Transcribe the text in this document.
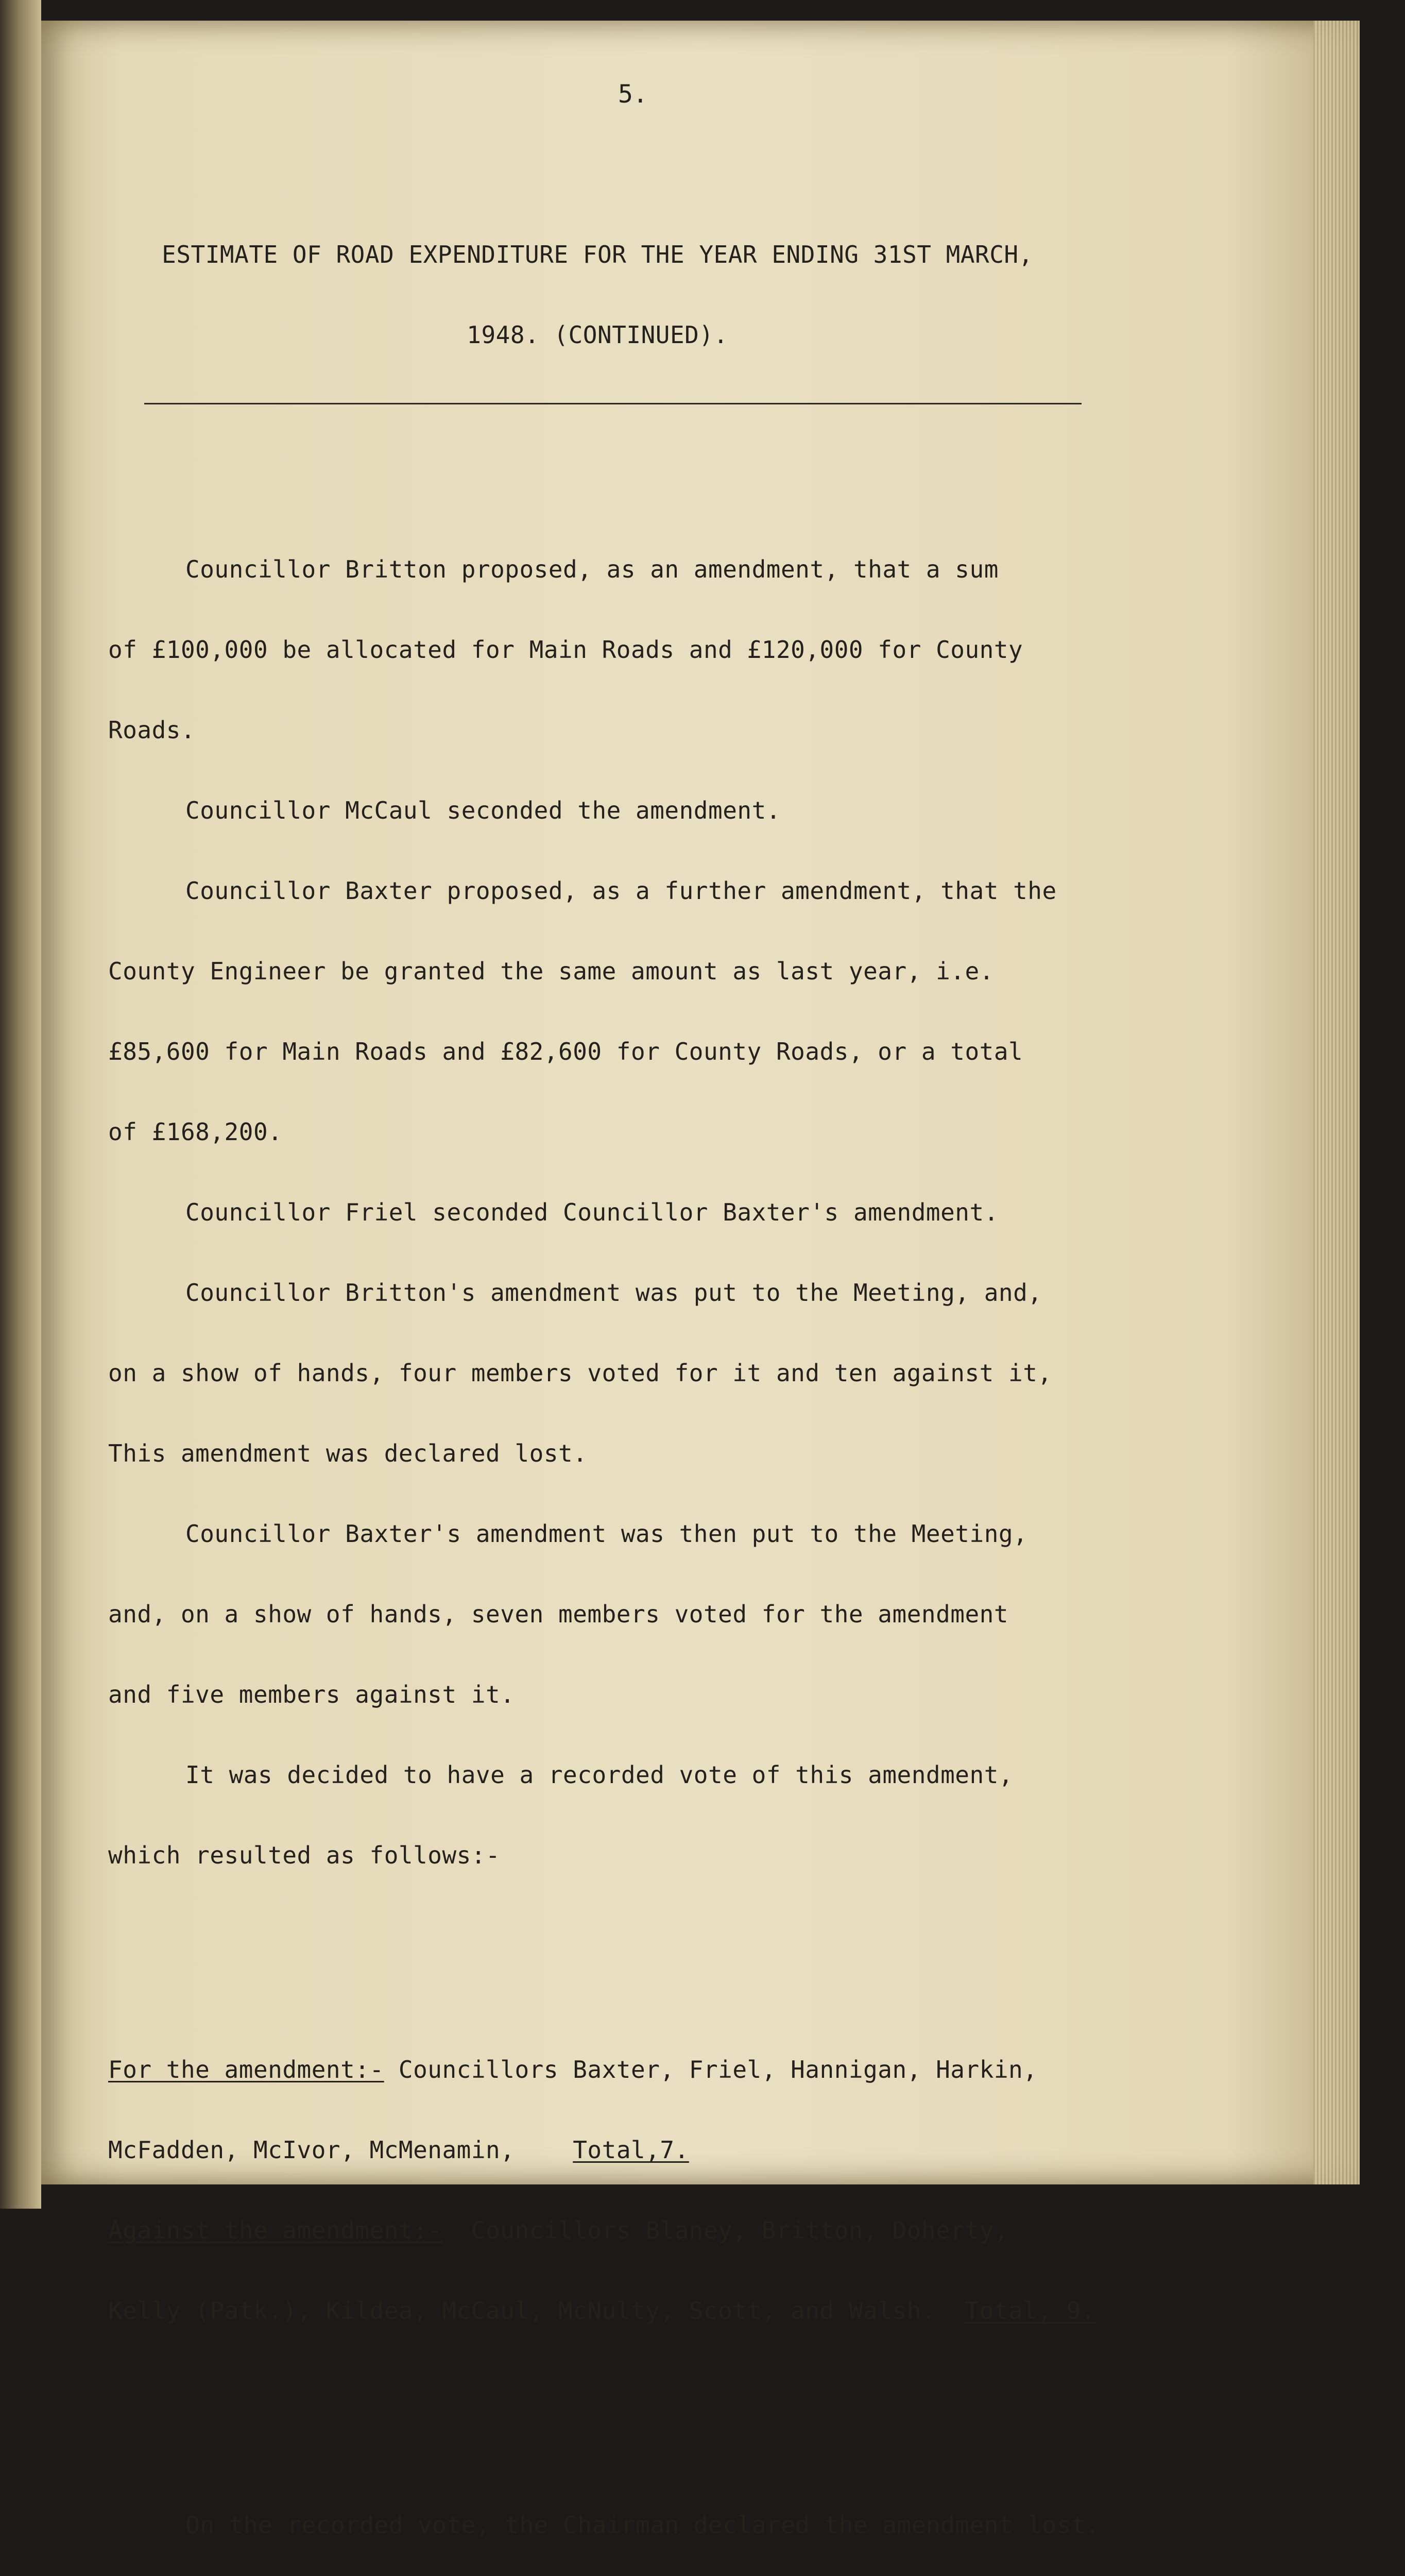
5.

ESTIMATE OF ROAD EXPENDITURE FOR THE YEAR ENDING 31ST MARCH,

1948. (CONTINUED).

Councillor Britton proposed, as an amendment, that a sum

of £100,000 be allocated for Main Roads and £120,000 for County

Roads.

Councillor McCaul seconded the amendment.

Councillor Baxter proposed, as a further amendment, that the

County Engineer be granted the same amount as last year, i.e.

£85,600 for Main Roads and £82,600 for County Roads, or a total

of £168,200.

Councillor Friel seconded Councillor Baxter's amendment.

Councillor Britton's amendment was put to the Meeting, and,

on a show of hands, four members voted for it and ten against it,

This amendment was declared lost.

Councillor Baxter's amendment was then put to the Meeting,

and, on a show of hands, seven members voted for the amendment

and five members against it.

It was decided to have a recorded vote of this amendment,

which resulted as follows:-

For the amendment:- Councillors Baxter, Friel, Hannigan, Harkin,

McFadden, McIvor, McMenamin, Total,7.

Against the amendment:-  Councillors Blaney, Britton, Doherty,

Kelly (Patk.), Kildea, McCaul, McNulty, Scott, and Walsh. Total, 9.

On the recorded vote, the Chairman declared the amendment lost.
